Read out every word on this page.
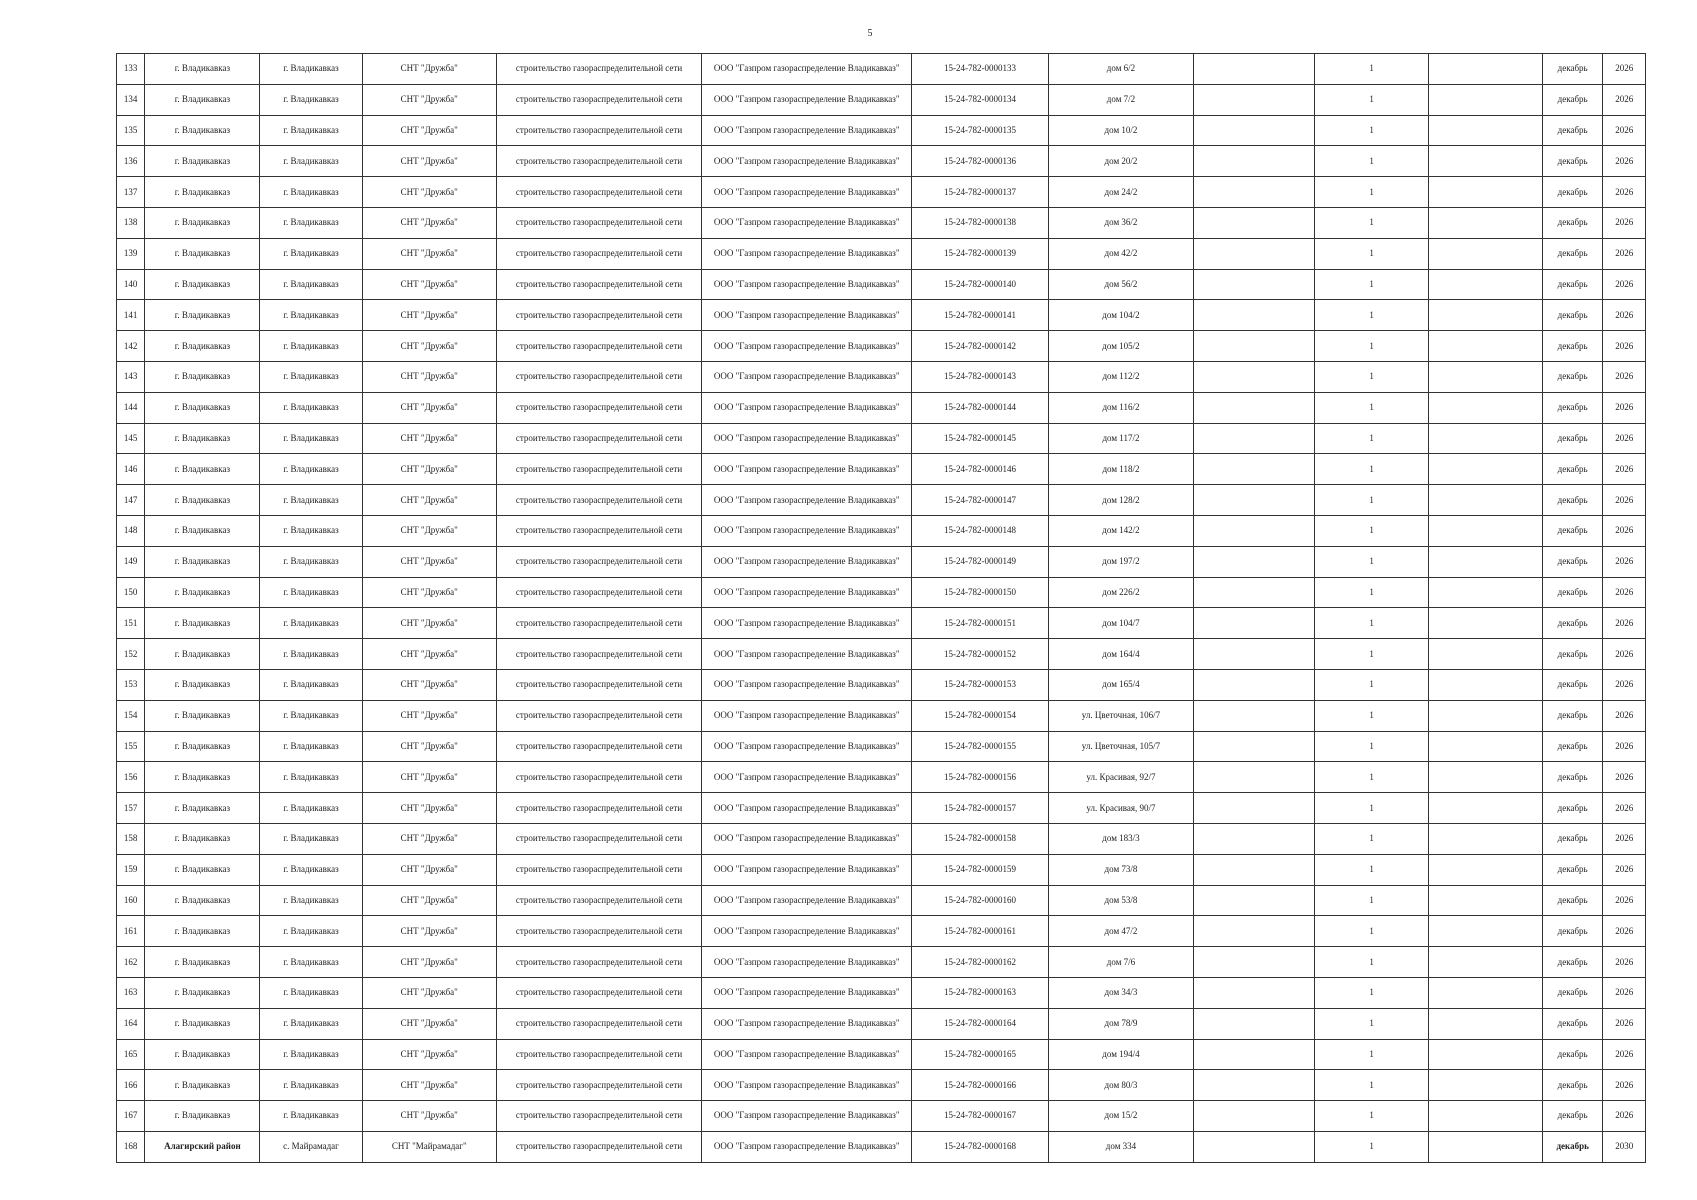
5
133	г. Владикавказ	г. Владикавказ	СНТ "Дружба"	строительство газораспределительной сети	ООО "Газпром газораспределение Владикавказ"	15-24-782-0000133	дом 6/2		1		декабрь	2026
134	г. Владикавказ	г. Владикавказ	СНТ "Дружба"	строительство газораспределительной сети	ООО "Газпром газораспределение Владикавказ"	15-24-782-0000134	дом 7/2		1		декабрь	2026
135	г. Владикавказ	г. Владикавказ	СНТ "Дружба"	строительство газораспределительной сети	ООО "Газпром газораспределение Владикавказ"	15-24-782-0000135	дом 10/2		1		декабрь	2026
136	г. Владикавказ	г. Владикавказ	СНТ "Дружба"	строительство газораспределительной сети	ООО "Газпром газораспределение Владикавказ"	15-24-782-0000136	дом 20/2		1		декабрь	2026
137	г. Владикавказ	г. Владикавказ	СНТ "Дружба"	строительство газораспределительной сети	ООО "Газпром газораспределение Владикавказ"	15-24-782-0000137	дом 24/2		1		декабрь	2026
138	г. Владикавказ	г. Владикавказ	СНТ "Дружба"	строительство газораспределительной сети	ООО "Газпром газораспределение Владикавказ"	15-24-782-0000138	дом 36/2		1		декабрь	2026
139	г. Владикавказ	г. Владикавказ	СНТ "Дружба"	строительство газораспределительной сети	ООО "Газпром газораспределение Владикавказ"	15-24-782-0000139	дом 42/2		1		декабрь	2026
140	г. Владикавказ	г. Владикавказ	СНТ "Дружба"	строительство газораспределительной сети	ООО "Газпром газораспределение Владикавказ"	15-24-782-0000140	дом 56/2		1		декабрь	2026
141	г. Владикавказ	г. Владикавказ	СНТ "Дружба"	строительство газораспределительной сети	ООО "Газпром газораспределение Владикавказ"	15-24-782-0000141	дом 104/2		1		декабрь	2026
142	г. Владикавказ	г. Владикавказ	СНТ "Дружба"	строительство газораспределительной сети	ООО "Газпром газораспределение Владикавказ"	15-24-782-0000142	дом 105/2		1		декабрь	2026
143	г. Владикавказ	г. Владикавказ	СНТ "Дружба"	строительство газораспределительной сети	ООО "Газпром газораспределение Владикавказ"	15-24-782-0000143	дом 112/2		1		декабрь	2026
144	г. Владикавказ	г. Владикавказ	СНТ "Дружба"	строительство газораспределительной сети	ООО "Газпром газораспределение Владикавказ"	15-24-782-0000144	дом 116/2		1		декабрь	2026
145	г. Владикавказ	г. Владикавказ	СНТ "Дружба"	строительство газораспределительной сети	ООО "Газпром газораспределение Владикавказ"	15-24-782-0000145	дом 117/2		1		декабрь	2026
146	г. Владикавказ	г. Владикавказ	СНТ "Дружба"	строительство газораспределительной сети	ООО "Газпром газораспределение Владикавказ"	15-24-782-0000146	дом 118/2		1		декабрь	2026
147	г. Владикавказ	г. Владикавказ	СНТ "Дружба"	строительство газораспределительной сети	ООО "Газпром газораспределение Владикавказ"	15-24-782-0000147	дом 128/2		1		декабрь	2026
148	г. Владикавказ	г. Владикавказ	СНТ "Дружба"	строительство газораспределительной сети	ООО "Газпром газораспределение Владикавказ"	15-24-782-0000148	дом 142/2		1		декабрь	2026
149	г. Владикавказ	г. Владикавказ	СНТ "Дружба"	строительство газораспределительной сети	ООО "Газпром газораспределение Владикавказ"	15-24-782-0000149	дом 197/2		1		декабрь	2026
150	г. Владикавказ	г. Владикавказ	СНТ "Дружба"	строительство газораспределительной сети	ООО "Газпром газораспределение Владикавказ"	15-24-782-0000150	дом 226/2		1		декабрь	2026
151	г. Владикавказ	г. Владикавказ	СНТ "Дружба"	строительство газораспределительной сети	ООО "Газпром газораспределение Владикавказ"	15-24-782-0000151	дом 104/7		1		декабрь	2026
152	г. Владикавказ	г. Владикавказ	СНТ "Дружба"	строительство газораспределительной сети	ООО "Газпром газораспределение Владикавказ"	15-24-782-0000152	дом 164/4		1		декабрь	2026
153	г. Владикавказ	г. Владикавказ	СНТ "Дружба"	строительство газораспределительной сети	ООО "Газпром газораспределение Владикавказ"	15-24-782-0000153	дом 165/4		1		декабрь	2026
154	г. Владикавказ	г. Владикавказ	СНТ "Дружба"	строительство газораспределительной сети	ООО "Газпром газораспределение Владикавказ"	15-24-782-0000154	ул. Цветочная, 106/7		1		декабрь	2026
155	г. Владикавказ	г. Владикавказ	СНТ "Дружба"	строительство газораспределительной сети	ООО "Газпром газораспределение Владикавказ"	15-24-782-0000155	ул. Цветочная, 105/7		1		декабрь	2026
156	г. Владикавказ	г. Владикавказ	СНТ "Дружба"	строительство газораспределительной сети	ООО "Газпром газораспределение Владикавказ"	15-24-782-0000156	ул. Красивая, 92/7		1		декабрь	2026
157	г. Владикавказ	г. Владикавказ	СНТ "Дружба"	строительство газораспределительной сети	ООО "Газпром газораспределение Владикавказ"	15-24-782-0000157	ул. Красивая, 90/7		1		декабрь	2026
158	г. Владикавказ	г. Владикавказ	СНТ "Дружба"	строительство газораспределительной сети	ООО "Газпром газораспределение Владикавказ"	15-24-782-0000158	дом 183/3		1		декабрь	2026
159	г. Владикавказ	г. Владикавказ	СНТ "Дружба"	строительство газораспределительной сети	ООО "Газпром газораспределение Владикавказ"	15-24-782-0000159	дом 73/8		1		декабрь	2026
160	г. Владикавказ	г. Владикавказ	СНТ "Дружба"	строительство газораспределительной сети	ООО "Газпром газораспределение Владикавказ"	15-24-782-0000160	дом 53/8		1		декабрь	2026
161	г. Владикавказ	г. Владикавказ	СНТ "Дружба"	строительство газораспределительной сети	ООО "Газпром газораспределение Владикавказ"	15-24-782-0000161	дом 47/2		1		декабрь	2026
162	г. Владикавказ	г. Владикавказ	СНТ "Дружба"	строительство газораспределительной сети	ООО "Газпром газораспределение Владикавказ"	15-24-782-0000162	дом 7/6		1		декабрь	2026
163	г. Владикавказ	г. Владикавказ	СНТ "Дружба"	строительство газораспределительной сети	ООО "Газпром газораспределение Владикавказ"	15-24-782-0000163	дом 34/3		1		декабрь	2026
164	г. Владикавказ	г. Владикавказ	СНТ "Дружба"	строительство газораспределительной сети	ООО "Газпром газораспределение Владикавказ"	15-24-782-0000164	дом 78/9		1		декабрь	2026
165	г. Владикавказ	г. Владикавказ	СНТ "Дружба"	строительство газораспределительной сети	ООО "Газпром газораспределение Владикавказ"	15-24-782-0000165	дом 194/4		1		декабрь	2026
166	г. Владикавказ	г. Владикавказ	СНТ "Дружба"	строительство газораспределительной сети	ООО "Газпром газораспределение Владикавказ"	15-24-782-0000166	дом 80/3		1		декабрь	2026
167	г. Владикавказ	г. Владикавказ	СНТ "Дружба"	строительство газораспределительной сети	ООО "Газпром газораспределение Владикавказ"	15-24-782-0000167	дом 15/2		1		декабрь	2026
168	Алагирский район	с. Майрамадаг	СНТ "Майрамадаг"	строительство газораспределительной сети	ООО "Газпром газораспределение Владикавказ"	15-24-782-0000168	дом 334		1		декабрь	2030
